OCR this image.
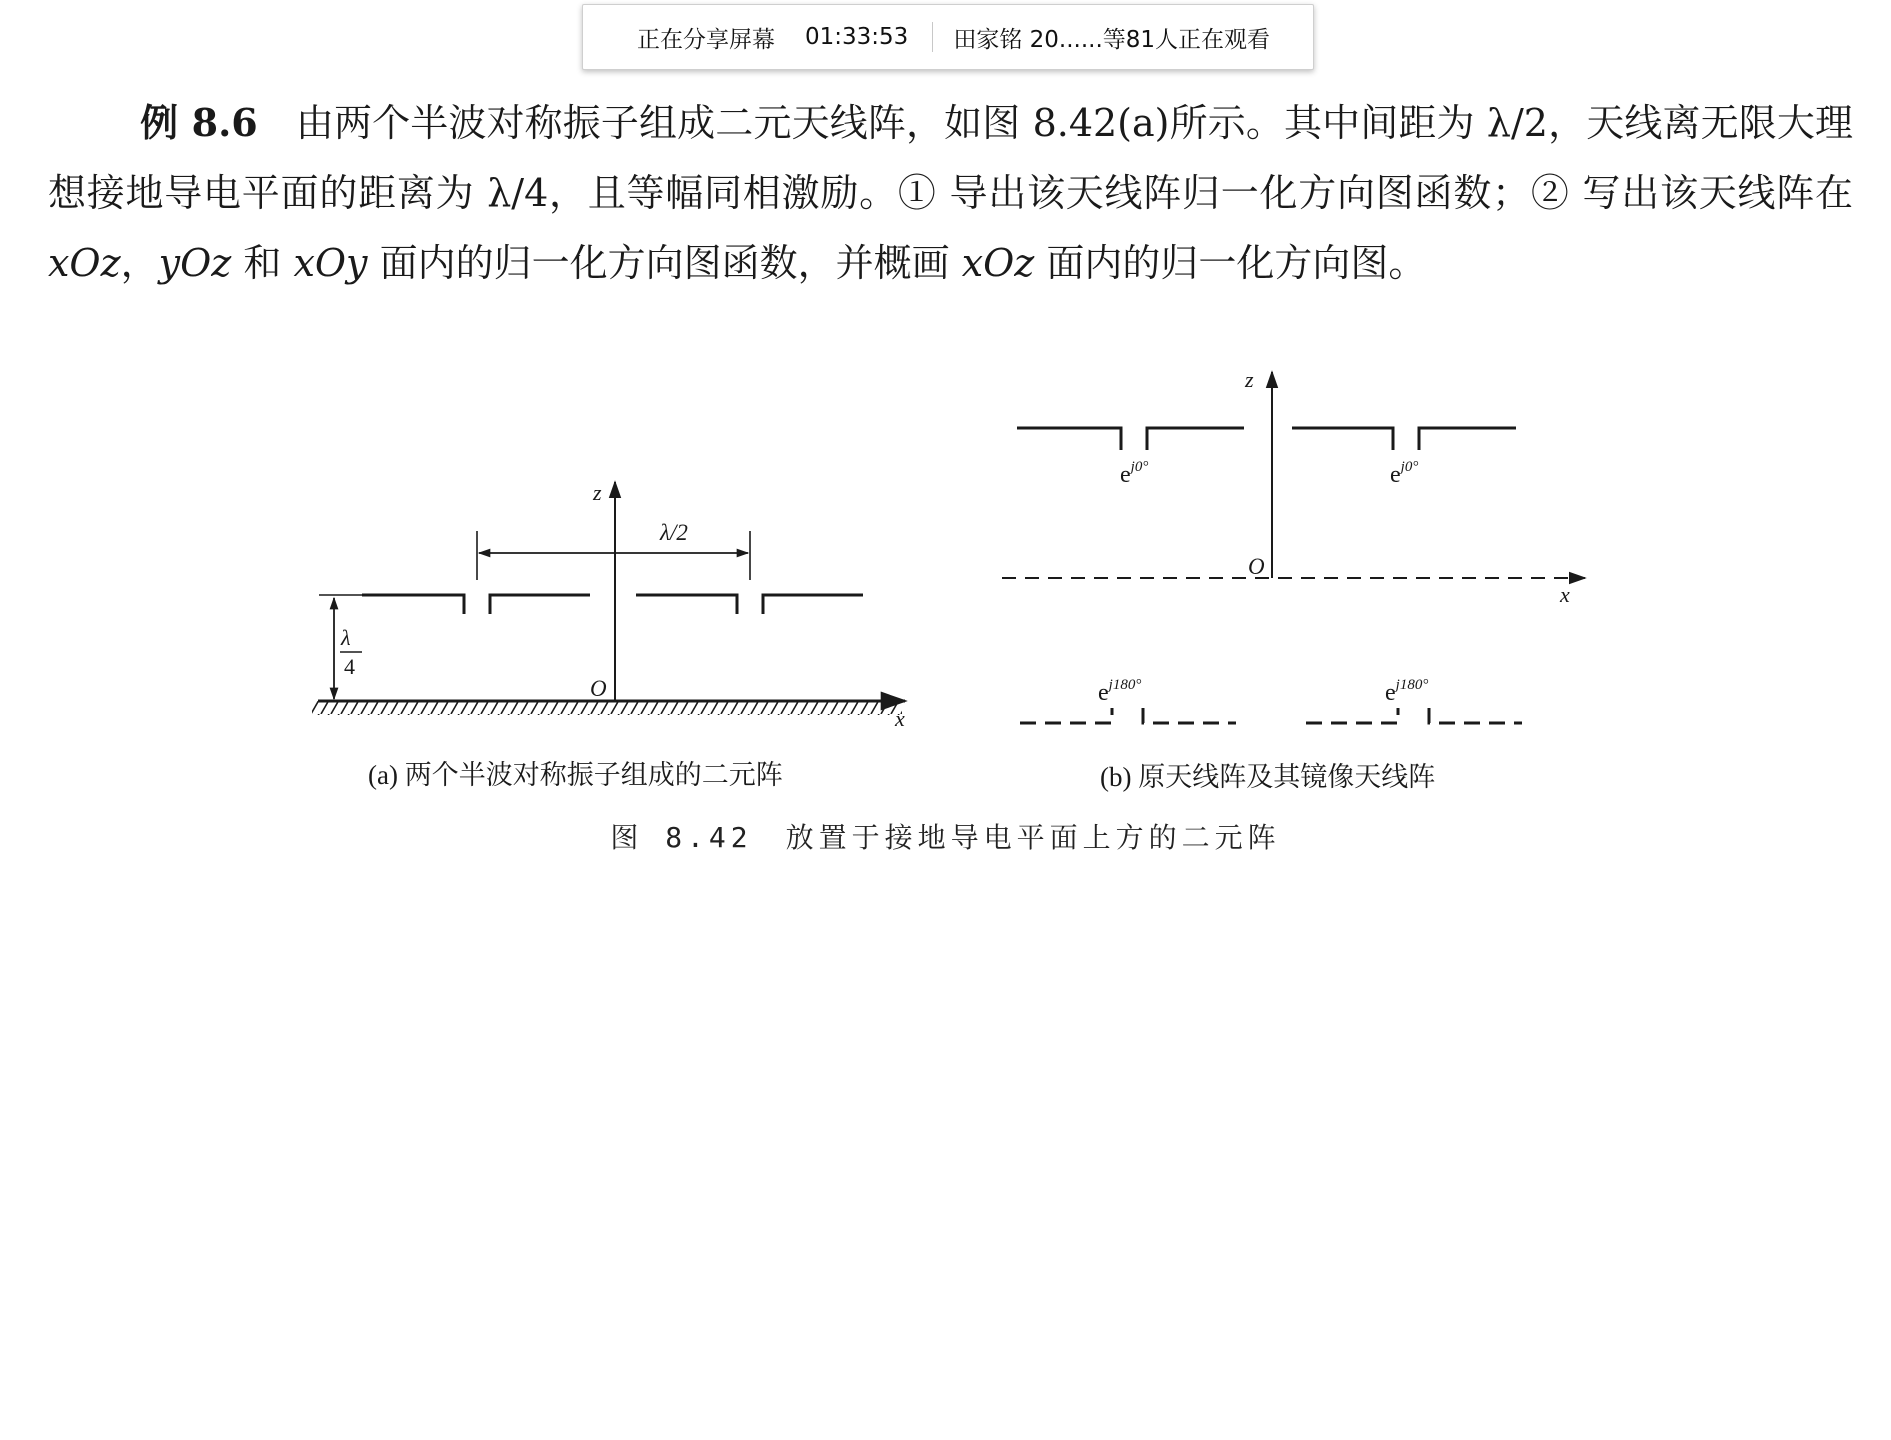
正在分享屏幕 01:33:53 田家铭 20......等81人正在观看

例 8.6 由两个半波对称振子组成二元天线阵，如图 8.42(a)所示。其中间距为 λ/2，天线离无限大理想接地导电平面的距离为 λ/4，且等幅同相激励。① 导出该天线阵归一化方向图函数；② 写出该天线阵在 xOz，yOz 和 xOy 面内的归一化方向图函数，并概画 xOz 面内的归一化方向图。

z
x
O
λ/2
λ
4
(a) 两个半波对称振子组成的二元阵
z
x
O
$e^{j0^\circ}$	$e^{j0^\circ}$
$e^{j180^\circ}$	$e^{j180^\circ}$
(b) 原天线阵及其镜像天线阵
图 8.42　放置于接地导电平面上方的二元阵
